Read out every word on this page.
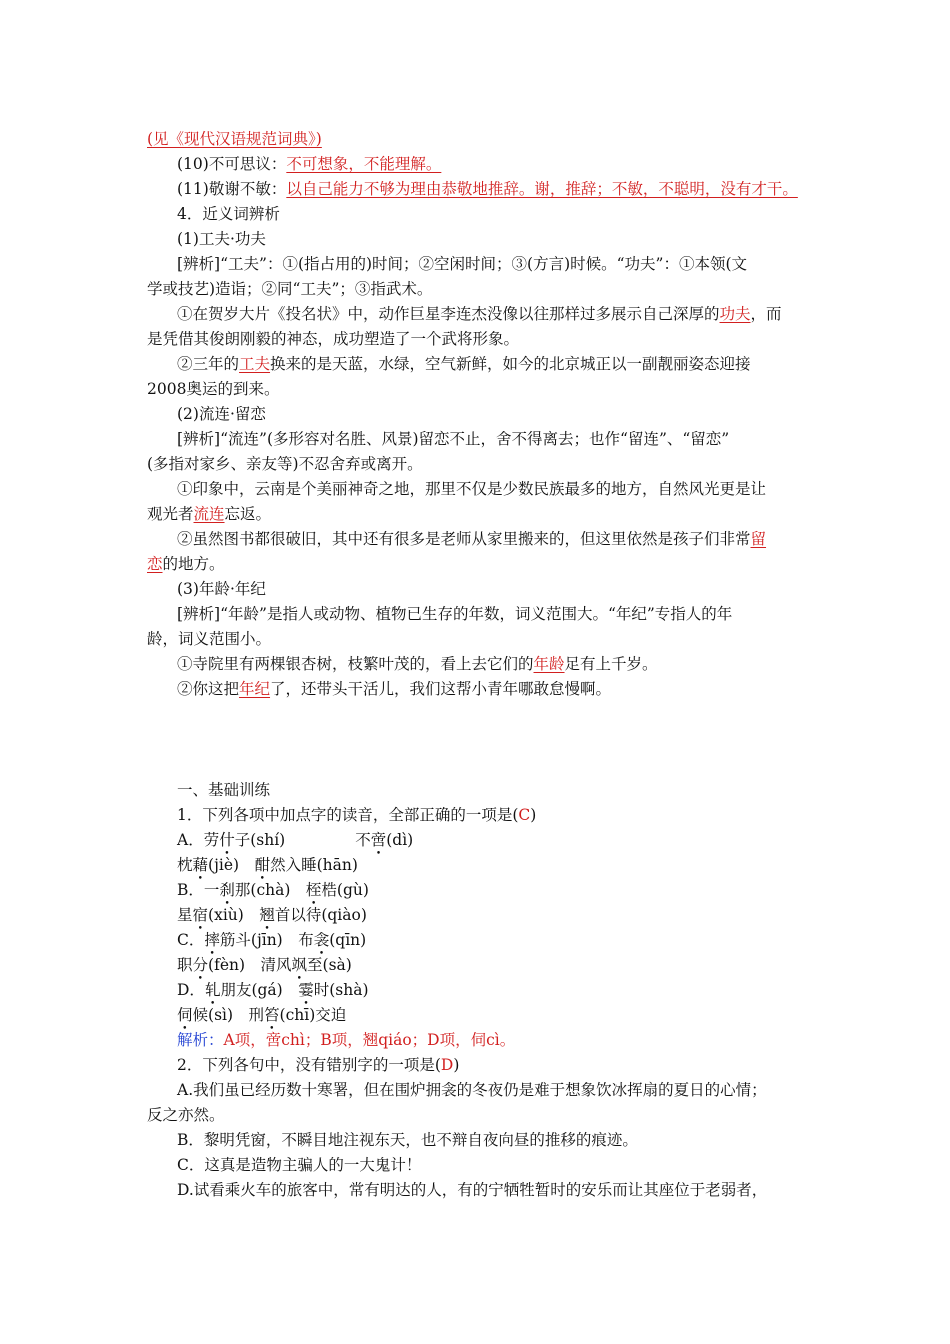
(见《现代汉语规范词典》)
(10)不可思议：不可想象，不能理解。
(11)敬谢不敏：以自己能力不够为理由恭敬地推辞。谢，推辞；不敏，不聪明，没有才干。
4．近义词辨析
(1)工夫·功夫
[辨析]“工夫”：①(指占用的)时间；②空闲时间；③(方言)时候。“功夫”：①本领(文
学或技艺)造诣；②同“工夫”；③指武术。
①在贺岁大片《投名状》中，动作巨星李连杰没像以往那样过多展示自己深厚的功夫，而
是凭借其俊朗刚毅的神态，成功塑造了一个武将形象。
②三年的工夫换来的是天蓝，水绿，空气新鲜，如今的北京城正以一副靓丽姿态迎接
2008奥运的到来。
(2)流连·留恋
[辨析]“流连”(多形容对名胜、风景)留恋不止，舍不得离去；也作“留连”、“留恋”
(多指对家乡、亲友等)不忍舍弃或离开。
①印象中，云南是个美丽神奇之地，那里不仅是少数民族最多的地方，自然风光更是让
观光者流连忘返。
②虽然图书都很破旧，其中还有很多是老师从家里搬来的，但这里依然是孩子们非常留
恋的地方。
(3)年龄·年纪
[辨析]“年龄”是指人或动物、植物已生存的年数，词义范围大。“年纪”专指人的年
龄，词义范围小。
①寺院里有两棵银杏树，枝繁叶茂的，看上去它们的年龄足有上千岁。
②你这把年纪了，还带头干活儿，我们这帮小青年哪敢怠慢啊。
一、基础训练
1．下列各项中加点字的读音，全部正确的一项是(C)
A．劳什子(shí)	不啻(dì)
枕藉(jiè)　酣然入睡(hān)
B．一刹那(chà)　桎梏(gù)
星宿(xiù)　翘首以待(qiào)
C．摔筋斗(jīn)　布衾(qīn)
职分(fèn)　清风飒至(sà)
D．轧朋友(gá)　霎时(shà)
伺候(sì)　刑笞(chī)交迫
解析：A项，啻chì；B项，翘qiáo；D项，伺cì。
2．下列各句中，没有错别字的一项是(D)
A.我们虽已经历数十寒署，但在围炉拥衾的冬夜仍是难于想象饮冰挥扇的夏日的心情；
反之亦然。
B．黎明凭窗，不瞬目地注视东天，也不辩自夜向昼的推移的痕迹。
C．这真是造物主骗人的一大鬼计！
D.试看乘火车的旅客中，常有明达的人，有的宁牺牲暂时的安乐而让其座位于老弱者，
